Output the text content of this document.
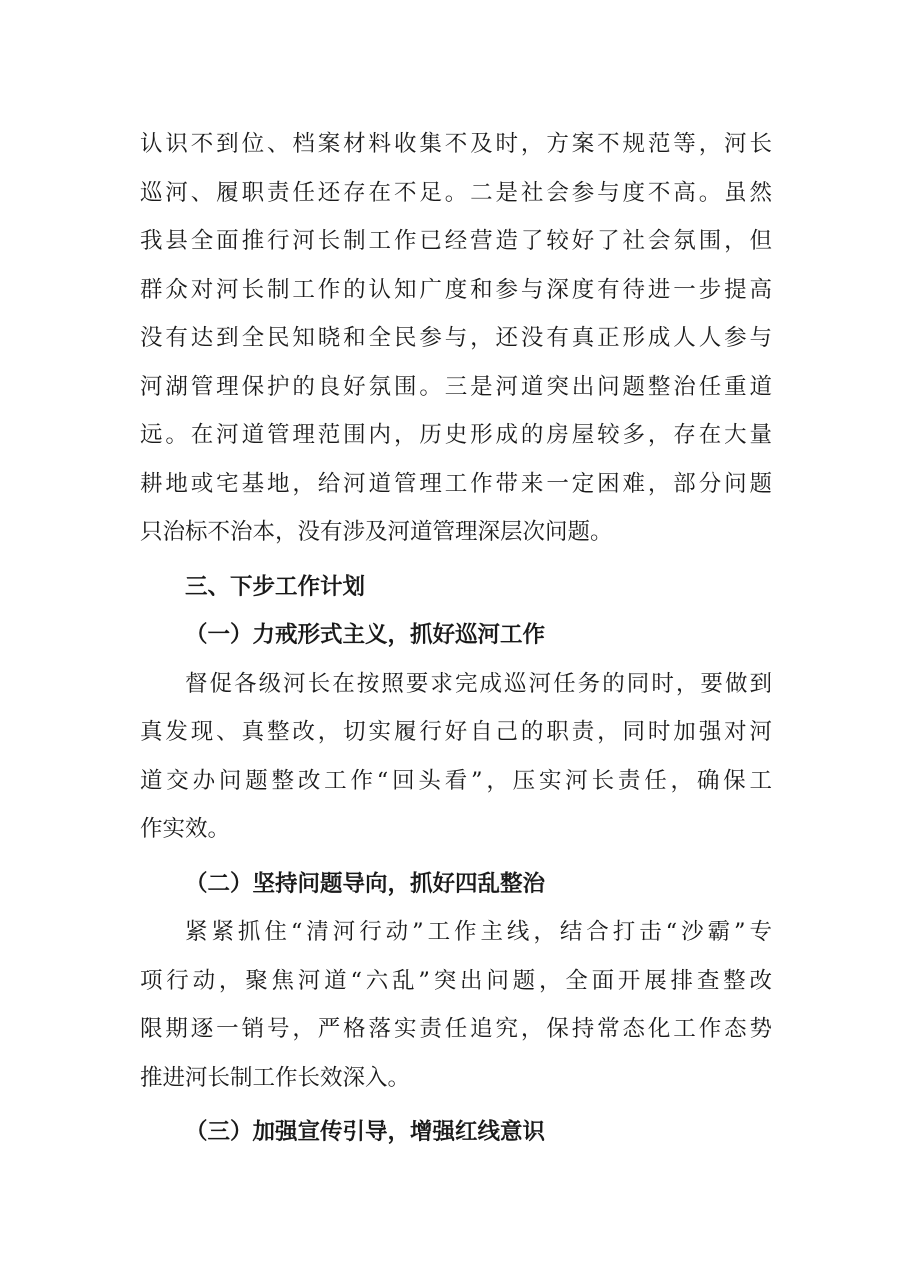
认识不到位、档案材料收集不及时，方案不规范等，河长
巡河、履职责任还存在不足。二是社会参与度不高。虽然
我县全面推行河长制工作已经营造了较好了社会氛围，但
群众对河长制工作的认知广度和参与深度有待进一步提高
没有达到全民知晓和全民参与，还没有真正形成人人参与
河湖管理保护的良好氛围。三是河道突出问题整治任重道
远。在河道管理范围内，历史形成的房屋较多，存在大量
耕地或宅基地，给河道管理工作带来一定困难，部分问题
只治标不治本，没有涉及河道管理深层次问题。
三、下步工作计划
（一）力戒形式主义，抓好巡河工作
督促各级河长在按照要求完成巡河任务的同时，要做到
真发现、真整改，切实履行好自己的职责，同时加强对河
道交办问题整改工作“回头看”，压实河长责任，确保工
作实效。
（二）坚持问题导向，抓好四乱整治
紧紧抓住“清河行动”工作主线，结合打击“沙霸”专
项行动，聚焦河道“六乱”突出问题，全面开展排查整改
限期逐一销号，严格落实责任追究，保持常态化工作态势
推进河长制工作长效深入。
（三）加强宣传引导，增强红线意识
